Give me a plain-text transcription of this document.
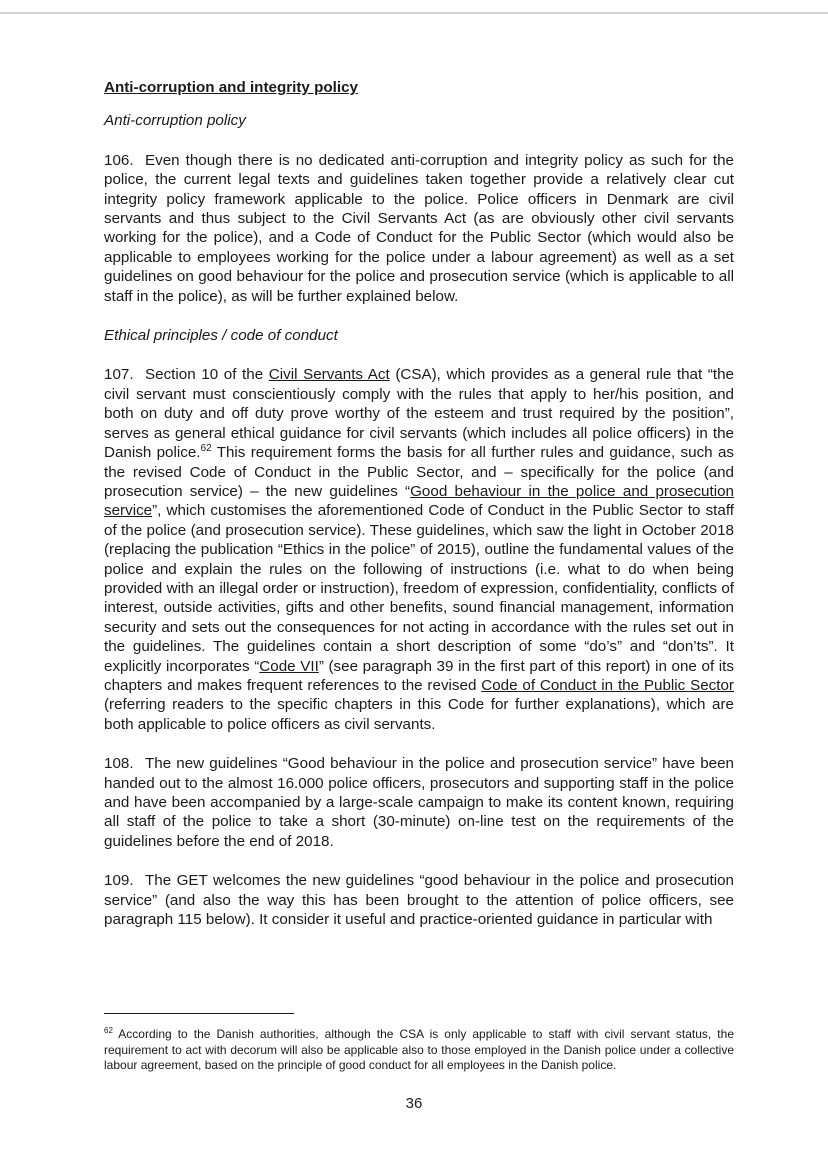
Anti-corruption and integrity policy
Anti-corruption policy

106. Even though there is no dedicated anti-corruption and integrity policy as such for the police, the current legal texts and guidelines taken together provide a relatively clear cut integrity policy framework applicable to the police. Police officers in Denmark are civil servants and thus subject to the Civil Servants Act (as are obviously other civil servants working for the police), and a Code of Conduct for the Public Sector (which would also be applicable to employees working for the police under a labour agreement) as well as a set guidelines on good behaviour for the police and prosecution service (which is applicable to all staff in the police), as will be further explained below.

Ethical principles / code of conduct

107. Section 10 of the Civil Servants Act (CSA), which provides as a general rule that “the civil servant must conscientiously comply with the rules that apply to her/his position, and both on duty and off duty prove worthy of the esteem and trust required by the position”, serves as general ethical guidance for civil servants (which includes all police officers) in the Danish police.$^{62}$ This requirement forms the basis for all further rules and guidance, such as the revised Code of Conduct in the Public Sector, and – specifically for the police (and prosecution service) – the new guidelines “Good behaviour in the police and prosecution service”, which customises the aforementioned Code of Conduct in the Public Sector to staff of the police (and prosecution service). These guidelines, which saw the light in October 2018 (replacing the publication “Ethics in the police” of 2015), outline the fundamental values of the police and explain the rules on the following of instructions (i.e. what to do when being provided with an illegal order or instruction), freedom of expression, confidentiality, conflicts of interest, outside activities, gifts and other benefits, sound financial management, information security and sets out the consequences for not acting in accordance with the rules set out in the guidelines. The guidelines contain a short description of some “do’s” and “don’ts”. It explicitly incorporates “Code VII” (see paragraph 39 in the first part of this report) in one of its chapters and makes frequent references to the revised Code of Conduct in the Public Sector (referring readers to the specific chapters in this Code for further explanations), which are both applicable to police officers as civil servants.

108. The new guidelines “Good behaviour in the police and prosecution service” have been handed out to the almost 16.000 police officers, prosecutors and supporting staff in the police and have been accompanied by a large-scale campaign to make its content known, requiring all staff of the police to take a short (30-minute) on-line test on the requirements of the guidelines before the end of 2018.

109. The GET welcomes the new guidelines “good behaviour in the police and prosecution service” (and also the way this has been brought to the attention of police officers, see paragraph 115 below). It consider it useful and practice-oriented guidance in particular with

$^{62}$ According to the Danish authorities, although the CSA is only applicable to staff with civil servant status, the requirement to act with decorum will also be applicable also to those employed in the Danish police under a collective labour agreement, based on the principle of good conduct for all employees in the Danish police.
36
